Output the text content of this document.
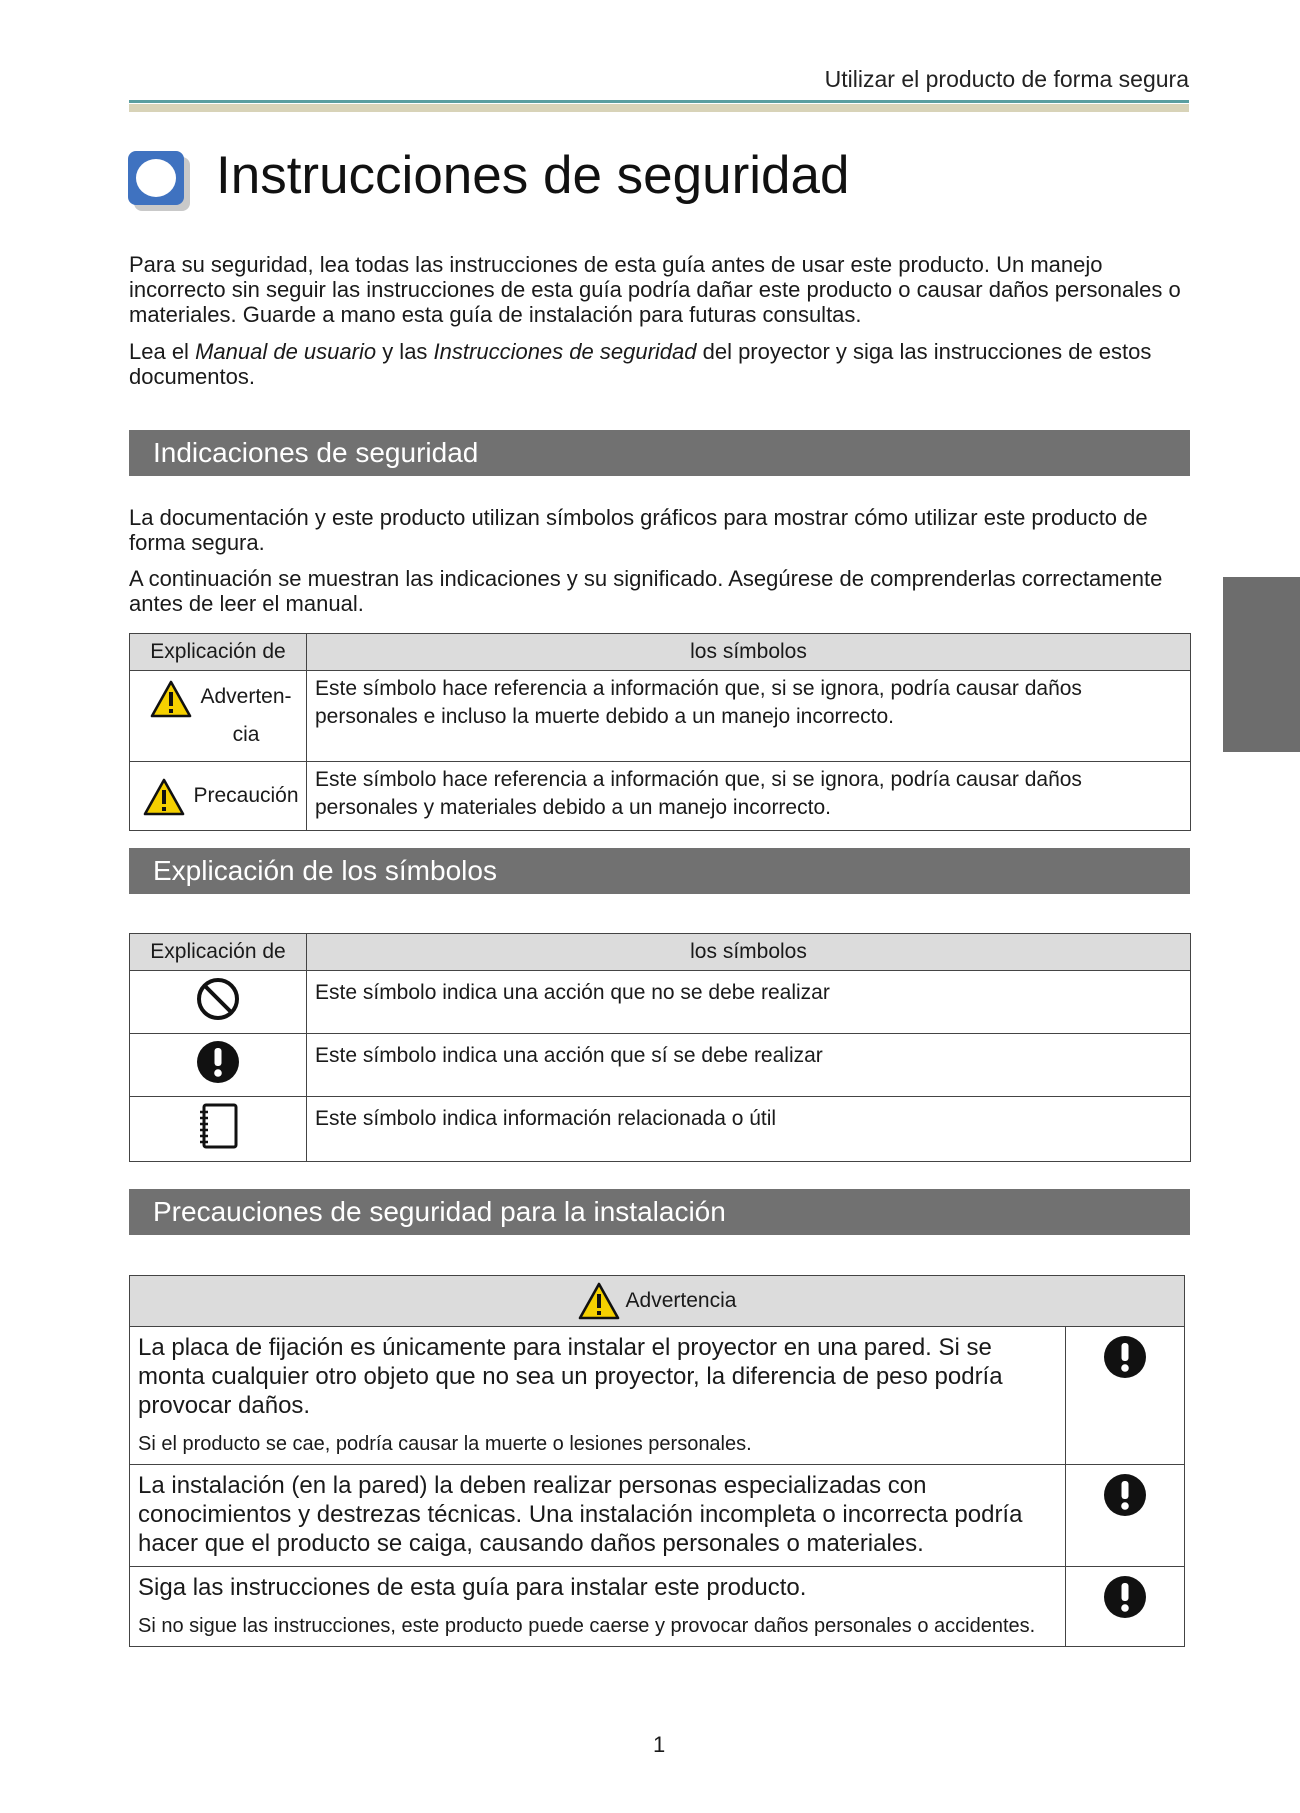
Utilizar el producto de forma segura
Instrucciones de seguridad

Para su seguridad, lea todas las instrucciones de esta guía antes de usar este producto. Un manejo incorrecto sin seguir las instrucciones de esta guía podría dañar este producto o causar daños personales o materiales. Guarde a mano esta guía de instalación para futuras consultas.

Lea el Manual de usuario y las Instrucciones de seguridad del proyector y siga las instrucciones de estos documentos.

Indicaciones de seguridad

La documentación y este producto utilizan símbolos gráficos para mostrar cómo utilizar este producto de forma segura.

A continuación se muestran las indicaciones y su significado. Asegúrese de comprenderlas correctamente antes de leer el manual.

Explicación de	los símbolos

Adverten-
cia	Este símbolo hace referencia a información que, si se ignora, podría causar daños personales e incluso la muerte debido a un manejo incorrecto.

Precaución	Este símbolo hace referencia a información que, si se ignora, podría causar daños personales y materiales debido a un manejo incorrecto.
Explicación de los símbolos
Explicación de	los símbolos
	Este símbolo indica una acción que no se debe realizar
	Este símbolo indica una acción que sí se debe realizar
	Este símbolo indica información relacionada o útil
Precauciones de seguridad para la instalación
Advertencia	

La placa de fijación es únicamente para instalar el proyector en una pared. Si se monta cualquier otro objeto que no sea un proyector, la diferencia de peso podría provocar daños.
Si el producto se cae, podría causar la muerte o lesiones personales.

La instalación (en la pared) la deben realizar personas especializadas con conocimientos y destrezas técnicas. Una instalación incompleta o incorrecta podría hacer que el producto se caiga, causando daños personales o materiales.

Siga las instrucciones de esta guía para instalar este producto.
Si no sigue las instrucciones, este producto puede caerse y provocar daños personales o accidentes.

1
